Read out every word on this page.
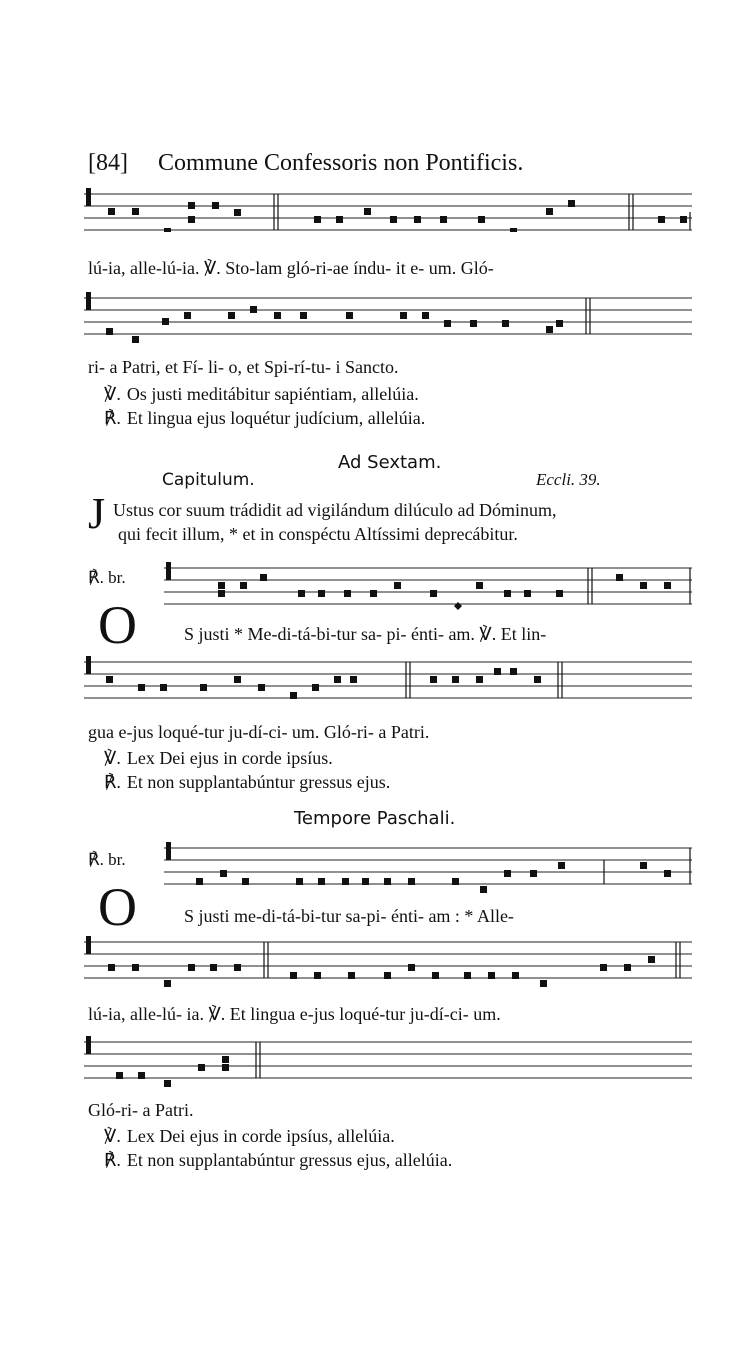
[84] Commune Confessoris non Pontificis.
lú-ia, alle-lú-ia. ℣. Sto-lam gló-ri-ae índu- it e- um. Gló-
ri- a Patri, et Fí- li- o, et Spi-rí-tu- i Sancto.
℣. Os justi meditábitur sapiéntiam, allelúia.
℟. Et lingua ejus loquétur judícium, allelúia.
Ad Sextam.
Capitulum.	Eccli. 39.
J Ustus cor suum trádidit ad vigilándum dilúculo ad Dóminum,
qui fecit illum, * et in conspéctu Altíssimi deprecábitur.
℟. br.
O	S justi * Me-di-tá-bi-tur sa- pi- énti- am. ℣. Et lin-
gua e-jus loqué-tur ju-dí-ci- um. Gló-ri- a Patri.
℣. Lex Dei ejus in corde ipsíus.
℟. Et non supplantabúntur gressus ejus.
Tempore Paschali.
℟. br.
O	S justi me-di-tá-bi-tur sa-pi- énti- am : * Alle-
lú-ia, alle-lú- ia. ℣. Et lingua e-jus loqué-tur ju-dí-ci- um.
Gló-ri- a Patri.
℣. Lex Dei ejus in corde ipsíus, allelúia.
℟. Et non supplantabúntur gressus ejus, allelúia.
